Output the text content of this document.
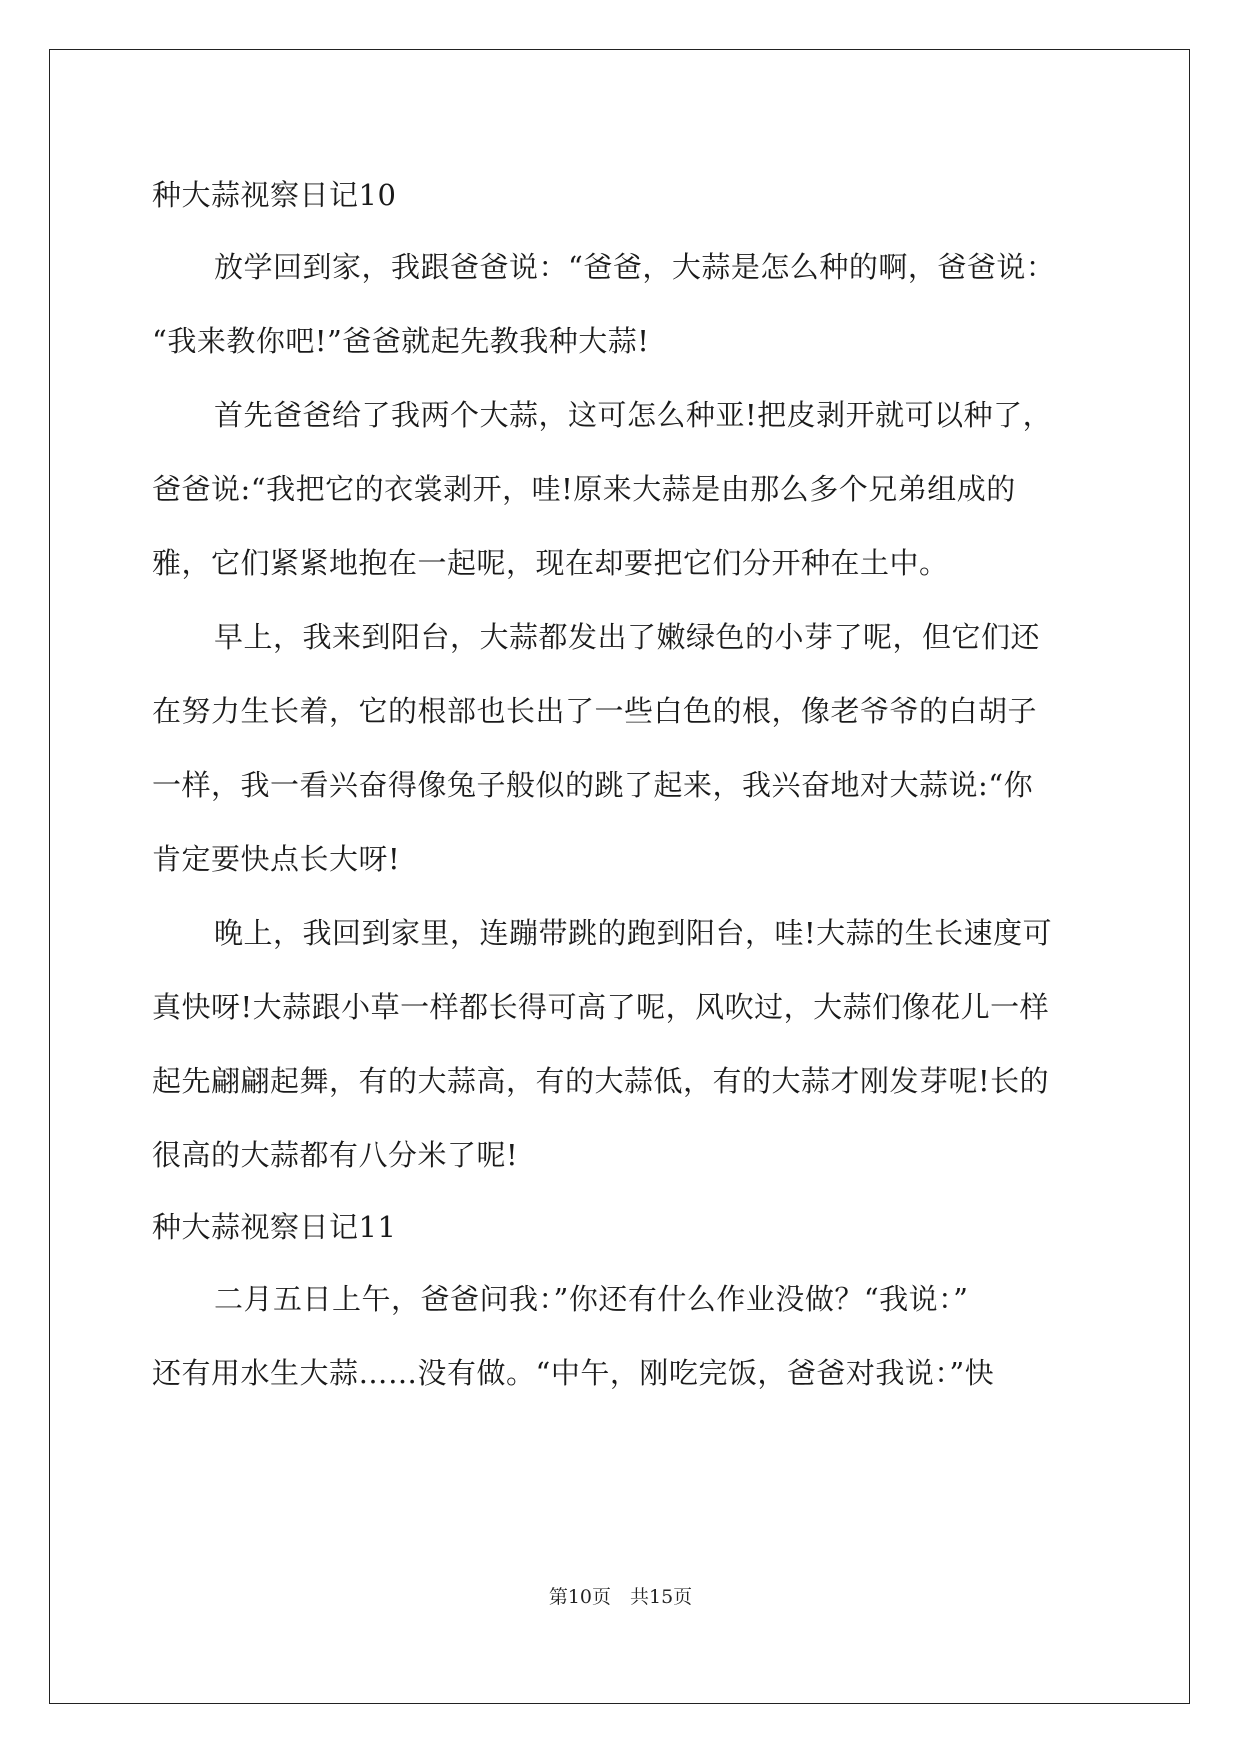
种大蒜视察日记10
放学回到家，我跟爸爸说：“爸爸，大蒜是怎么种的啊，爸爸说：
“我来教你吧!”爸爸就起先教我种大蒜!
首先爸爸给了我两个大蒜，这可怎么种亚!把皮剥开就可以种了，
爸爸说:“我把它的衣裳剥开，哇!原来大蒜是由那么多个兄弟组成的
雅，它们紧紧地抱在一起呢，现在却要把它们分开种在土中。
早上，我来到阳台，大蒜都发出了嫩绿色的小芽了呢，但它们还
在努力生长着，它的根部也长出了一些白色的根，像老爷爷的白胡子
一样，我一看兴奋得像兔子般似的跳了起来，我兴奋地对大蒜说:“你
肯定要快点长大呀!
晚上，我回到家里，连蹦带跳的跑到阳台，哇!大蒜的生长速度可
真快呀!大蒜跟小草一样都长得可高了呢，风吹过，大蒜们像花儿一样
起先翩翩起舞，有的大蒜高，有的大蒜低，有的大蒜才刚发芽呢!长的
很高的大蒜都有八分米了呢!
种大蒜视察日记11
二月五日上午，爸爸问我：”你还有什么作业没做？“我说：”
还有用水生大蒜……没有做。“中午，刚吃完饭，爸爸对我说：”快
第10页　共15页
